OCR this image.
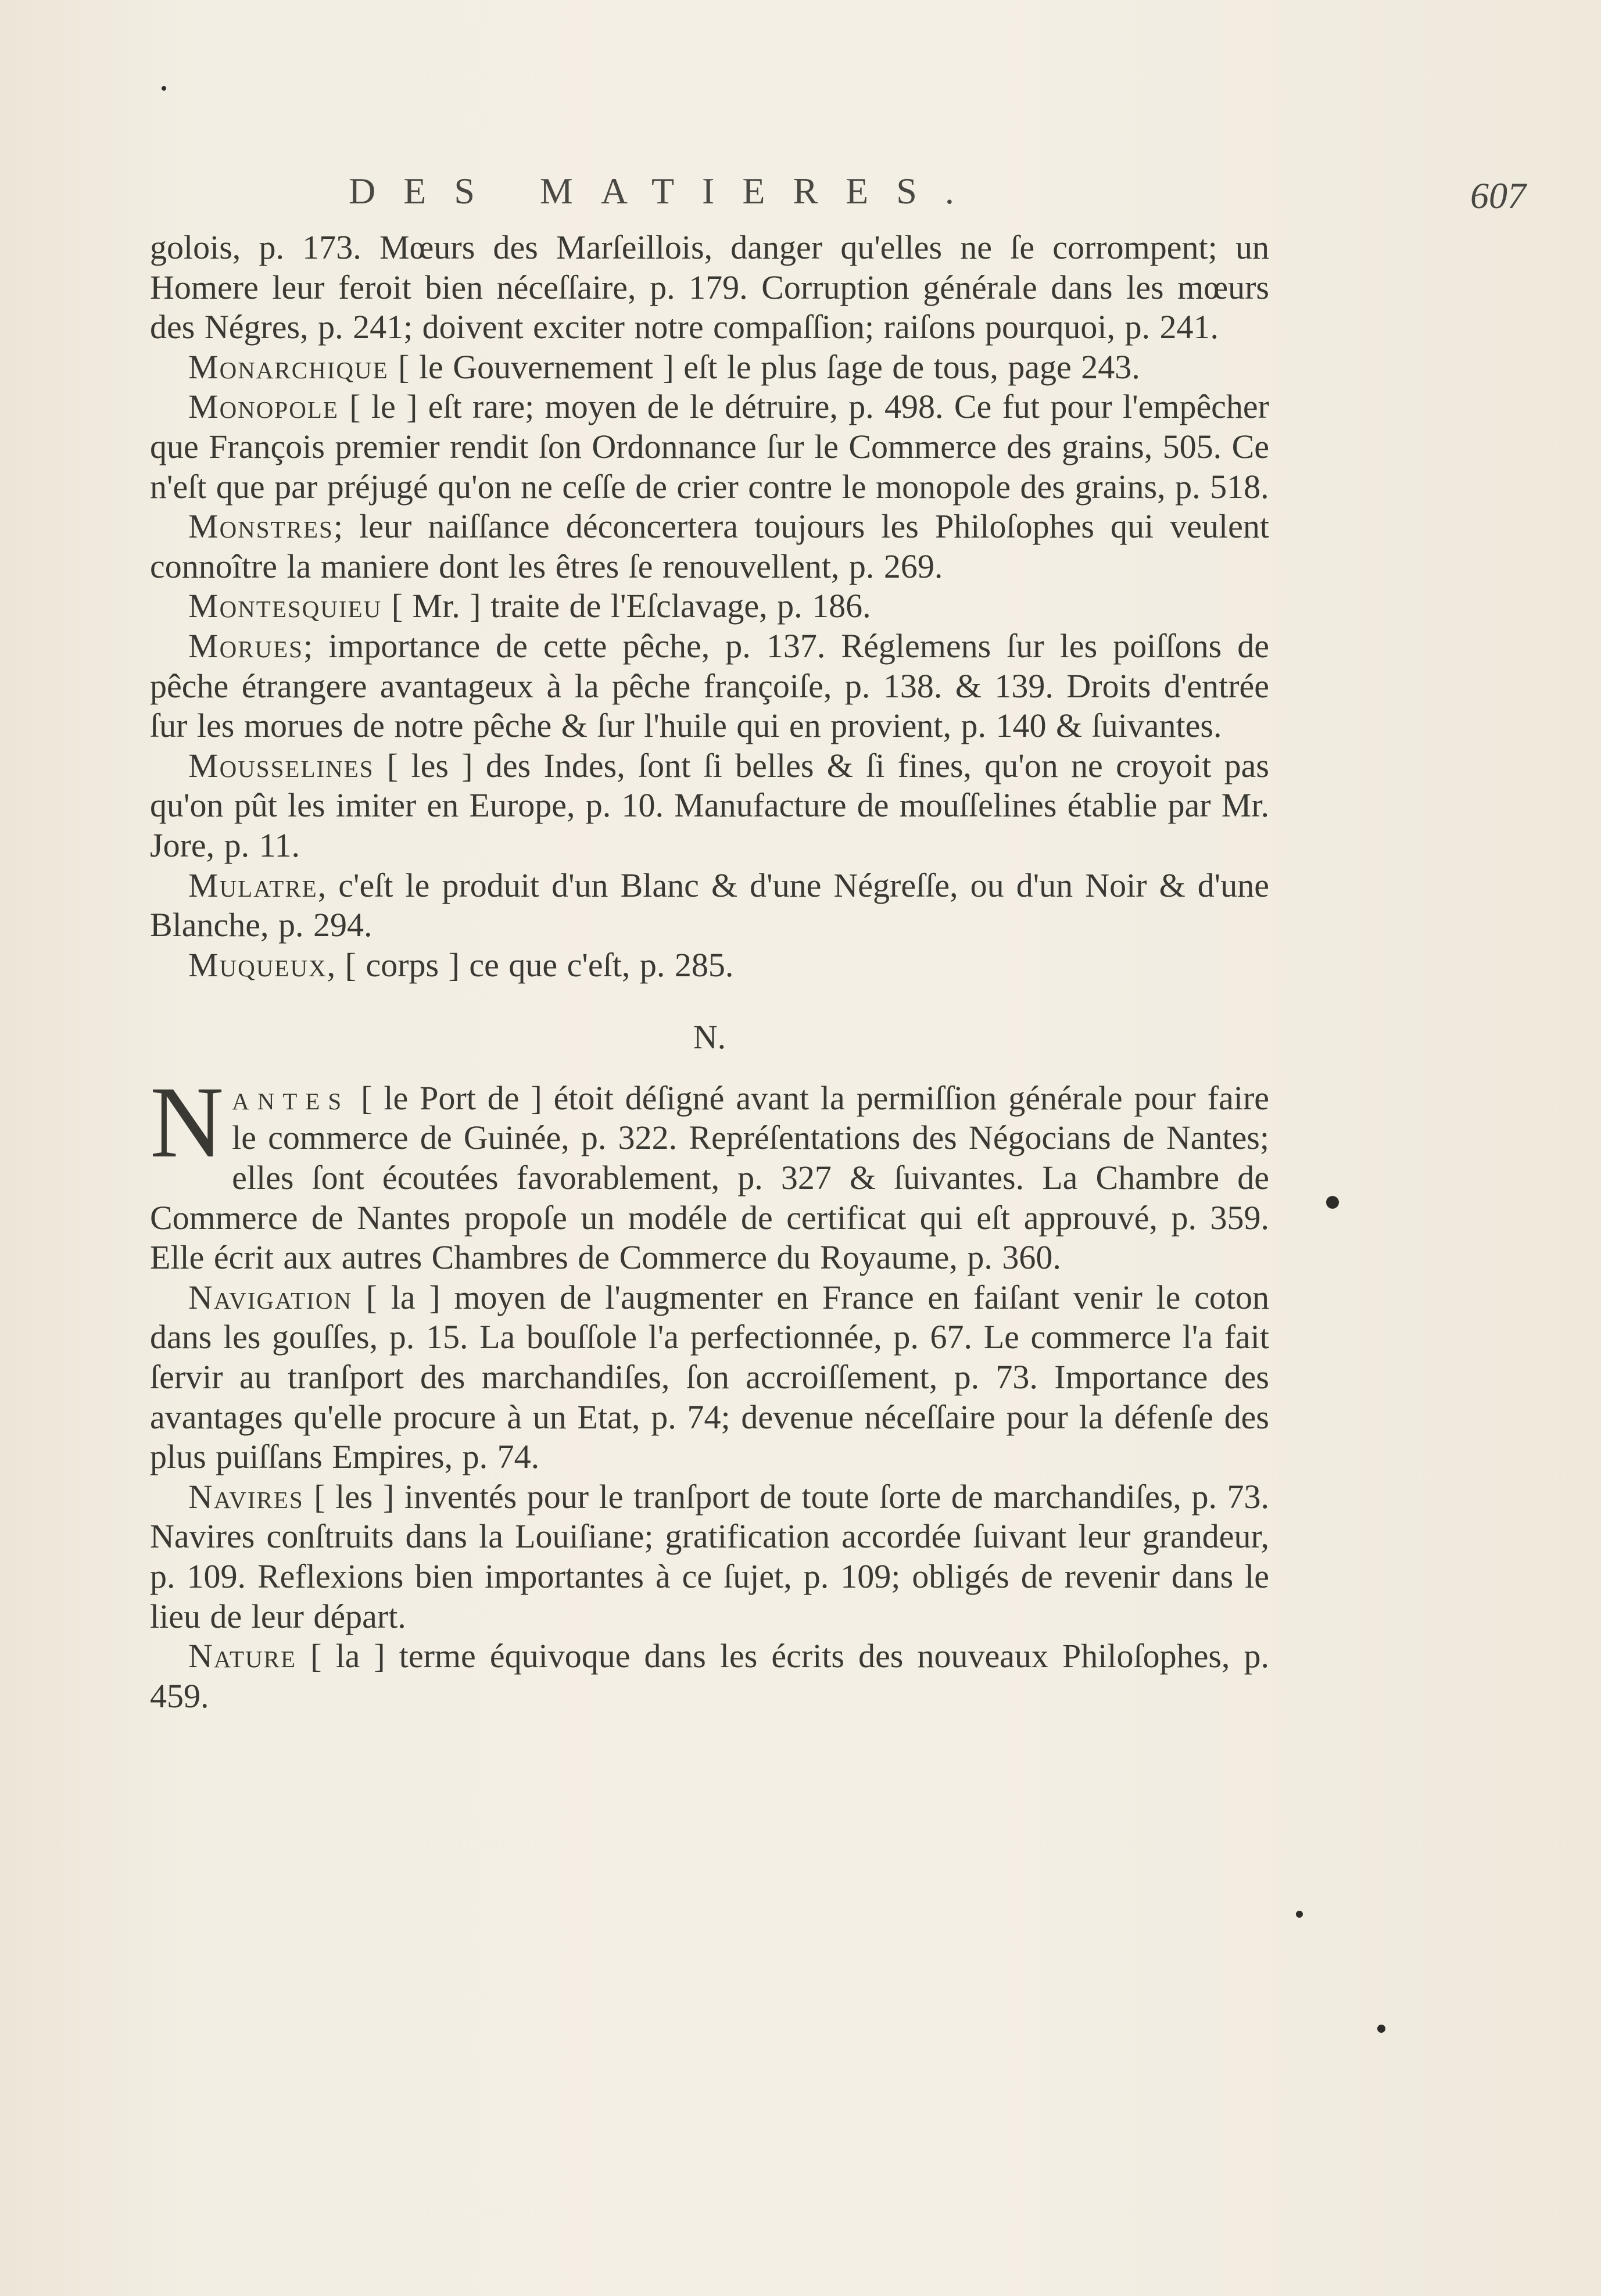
DES MATIERES.	607

golois, p. 173. Mœurs des Marſeillois, danger qu'elles ne ſe corrompent; un Homere leur feroit bien néceſſaire, p. 179. Corruption générale dans les mœurs des Négres, p. 241; doivent exciter notre compaſſion; raiſons pourquoi, p. 241.

Monarchique [ le Gouvernement ] eſt le plus ſage de tous, page 243.

Monopole [ le ] eſt rare; moyen de le détruire, p. 498. Ce fut pour l'empêcher que François premier rendit ſon Ordonnance ſur le Commerce des grains, 505. Ce n'eſt que par préjugé qu'on ne ceſſe de crier contre le monopole des grains, p. 518.

Monstres; leur naiſſance déconcertera toujours les Philoſophes qui veulent connoître la maniere dont les êtres ſe renouvellent, p. 269.

Montesquieu [ Mr. ] traite de l'Eſclavage, p. 186.

Morues; importance de cette pêche, p. 137. Réglemens ſur les poiſſons de pêche étrangere avantageux à la pêche françoiſe, p. 138. & 139. Droits d'entrée ſur les morues de notre pêche & ſur l'huile qui en provient, p. 140 & ſuivantes.

Mousselines [ les ] des Indes, ſont ſi belles & ſi fines, qu'on ne croyoit pas qu'on pût les imiter en Europe, p. 10. Manufacture de mouſſelines établie par Mr. Jore, p. 11.

Mulatre, c'eſt le produit d'un Blanc & d'une Négreſſe, ou d'un Noir & d'une Blanche, p. 294.

Muqueux, [ corps ] ce que c'eſt, p. 285.

N.

Nantes [ le Port de ] étoit déſigné avant la permiſſion générale pour faire le commerce de Guinée, p. 322. Repréſentations des Négocians de Nantes; elles ſont écoutées favorablement, p. 327 & ſuivantes. La Chambre de Commerce de Nantes propoſe un modéle de certificat qui eſt approuvé, p. 359. Elle écrit aux autres Chambres de Commerce du Royaume, p. 360.

Navigation [ la ] moyen de l'augmenter en France en faiſant venir le coton dans les gouſſes, p. 15. La bouſſole l'a perfectionnée, p. 67. Le commerce l'a fait ſervir au tranſport des marchandiſes, ſon accroiſſement, p. 73. Importance des avantages qu'elle procure à un Etat, p. 74; devenue néceſſaire pour la défenſe des plus puiſſans Empires, p. 74.

Navires [ les ] inventés pour le tranſport de toute ſorte de marchandiſes, p. 73. Navires conſtruits dans la Louiſiane; gratification accordée ſuivant leur grandeur, p. 109. Reflexions bien importantes à ce ſujet, p. 109; obligés de revenir dans le lieu de leur départ.

Nature [ la ] terme équivoque dans les écrits des nouveaux Philoſophes, p. 459.
